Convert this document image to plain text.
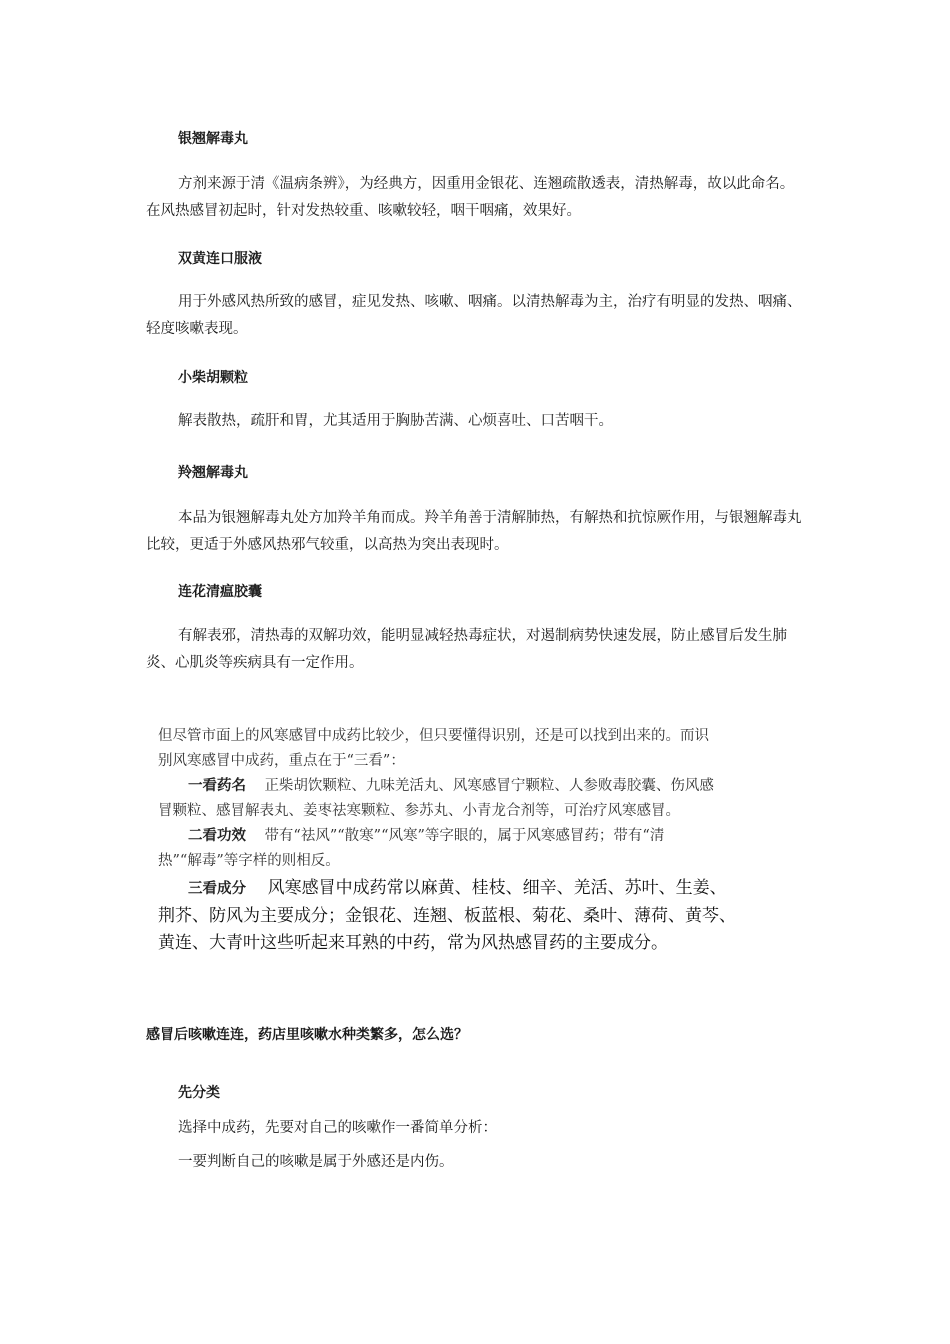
银翘解毒丸
方剂来源于清《温病条辨》，为经典方，因重用金银花、连翘疏散透表，清热解毒，故以此命名。在风热感冒初起时，针对发热较重、咳嗽较轻，咽干咽痛，效果好。
双黄连口服液
用于外感风热所致的感冒，症见发热、咳嗽、咽痛。以清热解毒为主，治疗有明显的发热、咽痛、轻度咳嗽表现。
小柴胡颗粒
解表散热，疏肝和胃，尤其适用于胸胁苦满、心烦喜吐、口苦咽干。
羚翘解毒丸
本品为银翘解毒丸处方加羚羊角而成。羚羊角善于清解肺热，有解热和抗惊厥作用，与银翘解毒丸比较，更适于外感风热邪气较重，以高热为突出表现时。
连花清瘟胶囊
有解表邪，清热毒的双解功效，能明显减轻热毒症状，对遏制病势快速发展，防止感冒后发生肺炎、心肌炎等疾病具有一定作用。
但尽管市面上的风寒感冒中成药比较少，但只要懂得识别，还是可以找到出来的。而识
别风寒感冒中成药，重点在于“三看”：
一看药名 正柴胡饮颗粒、九味羌活丸、风寒感冒宁颗粒、人参败毒胶囊、伤风感
冒颗粒、感冒解表丸、姜枣祛寒颗粒、参苏丸、小青龙合剂等，可治疗风寒感冒。
二看功效 带有“祛风”“散寒”“风寒”等字眼的，属于风寒感冒药；带有“清
热”“解毒”等字样的则相反。
三看成分 风寒感冒中成药常以麻黄、桂枝、细辛、羌活、苏叶、生姜、
荆芥、防风为主要成分；金银花、连翘、板蓝根、菊花、桑叶、薄荷、黄芩、
黄连、大青叶这些听起来耳熟的中药，常为风热感冒药的主要成分。
感冒后咳嗽连连，药店里咳嗽水种类繁多，怎么选？
先分类
选择中成药，先要对自己的咳嗽作一番简单分析：
一要判断自己的咳嗽是属于外感还是内伤。
